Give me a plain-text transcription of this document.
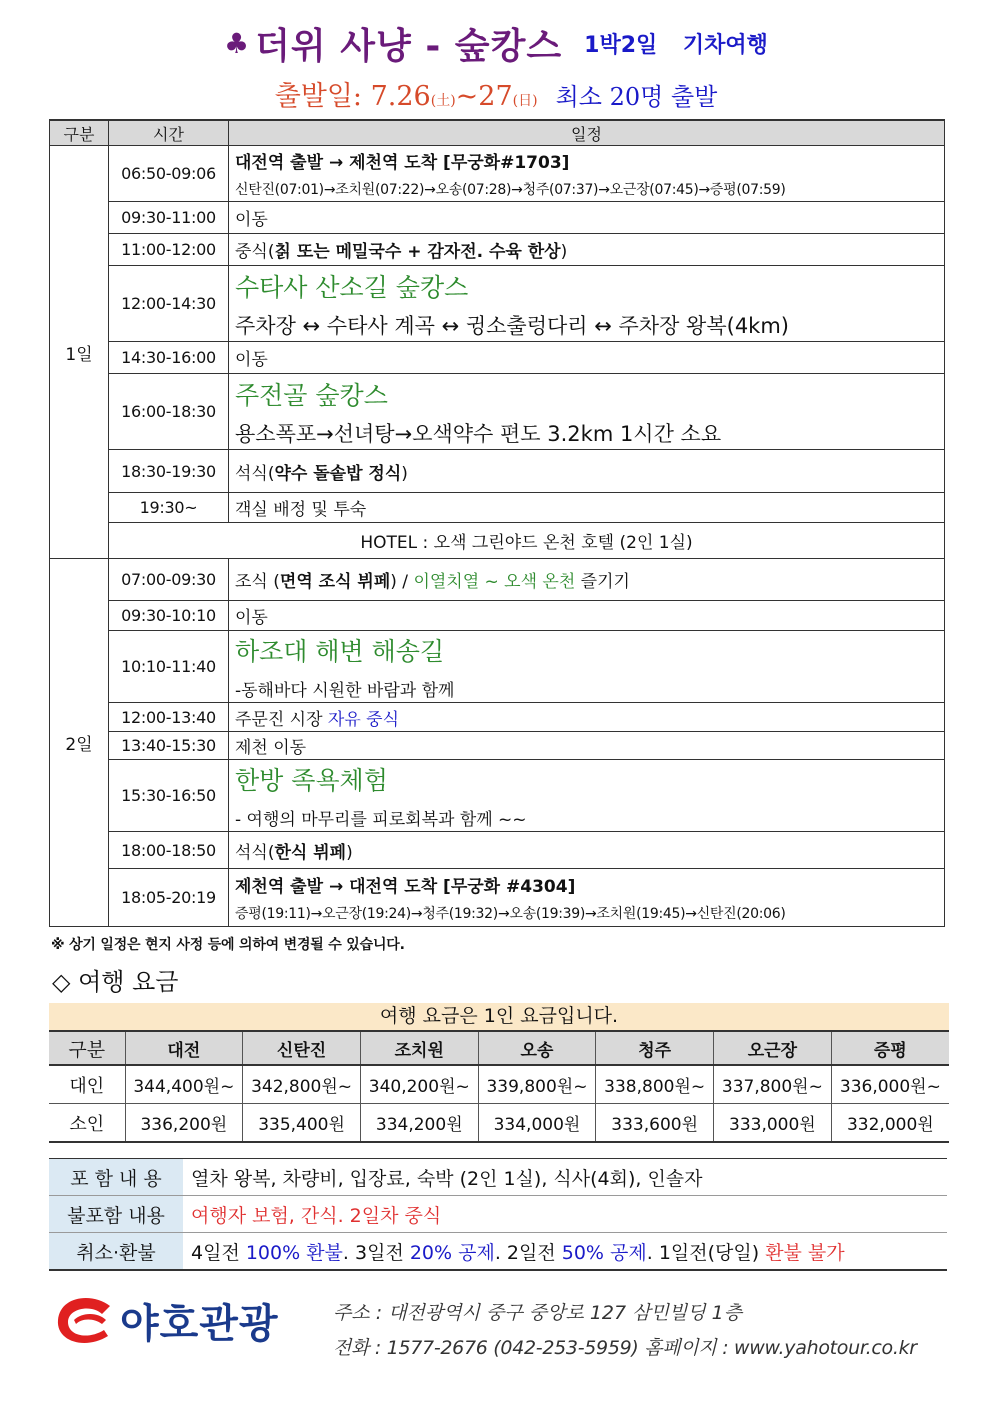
♣ 더위 사냥 - 숲캉스 1박2일 기차여행
출발일: 7.26(土)~27(日) 최소 20명 출발
구분	시간	일정
1일	06:50-09:06	대전역 출발 → 제천역 도착 [무궁화#1703]
신탄진(07:01)→조치원(07:22)→오송(07:28)→청주(07:37)→오근장(07:45)→증평(07:59)

	09:30-11:00	이동
	11:00-12:00	중식(칡 또는 메밀국수 + 감자전. 수육 한상)
	12:00-14:30	수타사 산소길 숲캉스
주차장 ↔ 수타사 계곡 ↔ 귕소출렁다리 ↔ 주차장 왕복(4km)

	14:30-16:00	이동
	16:00-18:30	주전골 숲캉스
용소폭포→선녀탕→오색약수 편도 3.2km 1시간 소요

	18:30-19:30	석식(약수 돌솥밥 정식)
	19:30~	객실 배정 및 투숙
	HOTEL : 오색 그린야드 온천 호텔 (2인 1실)	
2일	07:00-09:30	조식 (면역 조식 뷔페) / 이열치열 ~ 오색 온천 즐기기
	09:30-10:10	이동
	10:10-11:40	하조대 해변 해송길
-동해바다 시원한 바람과 함께

	12:00-13:40	주문진 시장 자유 중식
	13:40-15:30	제천 이동
	15:30-16:50	한방 족욕체험
- 여행의 마무리를 피로회복과 함께 ~~

	18:00-18:50	석식(한식 뷔페)
	18:05-20:19	제천역 출발 → 대전역 도착 [무궁화 #4304]
증평(19:11)→오근장(19:24)→청주(19:32)→오송(19:39)→조치원(19:45)→신탄진(20:06)
※ 상기 일정은 현지 사정 등에 의하여 변경될 수 있습니다.
◇ 여행 요금
여행 요금은 1인 요금입니다.
구분	대전	신탄진	조치원	오송	청주	오근장	증평
대인	344,400원~	342,800원~	340,200원~	339,800원~	338,800원~	337,800원~	336,000원~
소인	336,200원	335,400원	334,200원	334,000원	333,600원	333,000원	332,000원
포 함 내 용	열차 왕복, 차량비, 입장료, 숙박 (2인 1실), 식사(4회), 인솔자
불포함 내용	여행자 보험, 간식. 2일차 중식
취소·환불	4일전 100% 환불. 3일전 20% 공제. 2일전 50% 공제. 1일전(당일) 환불 불가
야호관광	주소 : 대전광역시 중구 중앙로 127 삼민빌딩 1층
전화 : 1577-2676 (042-253-5959) 홈페이지 : www.yahotour.co.kr
